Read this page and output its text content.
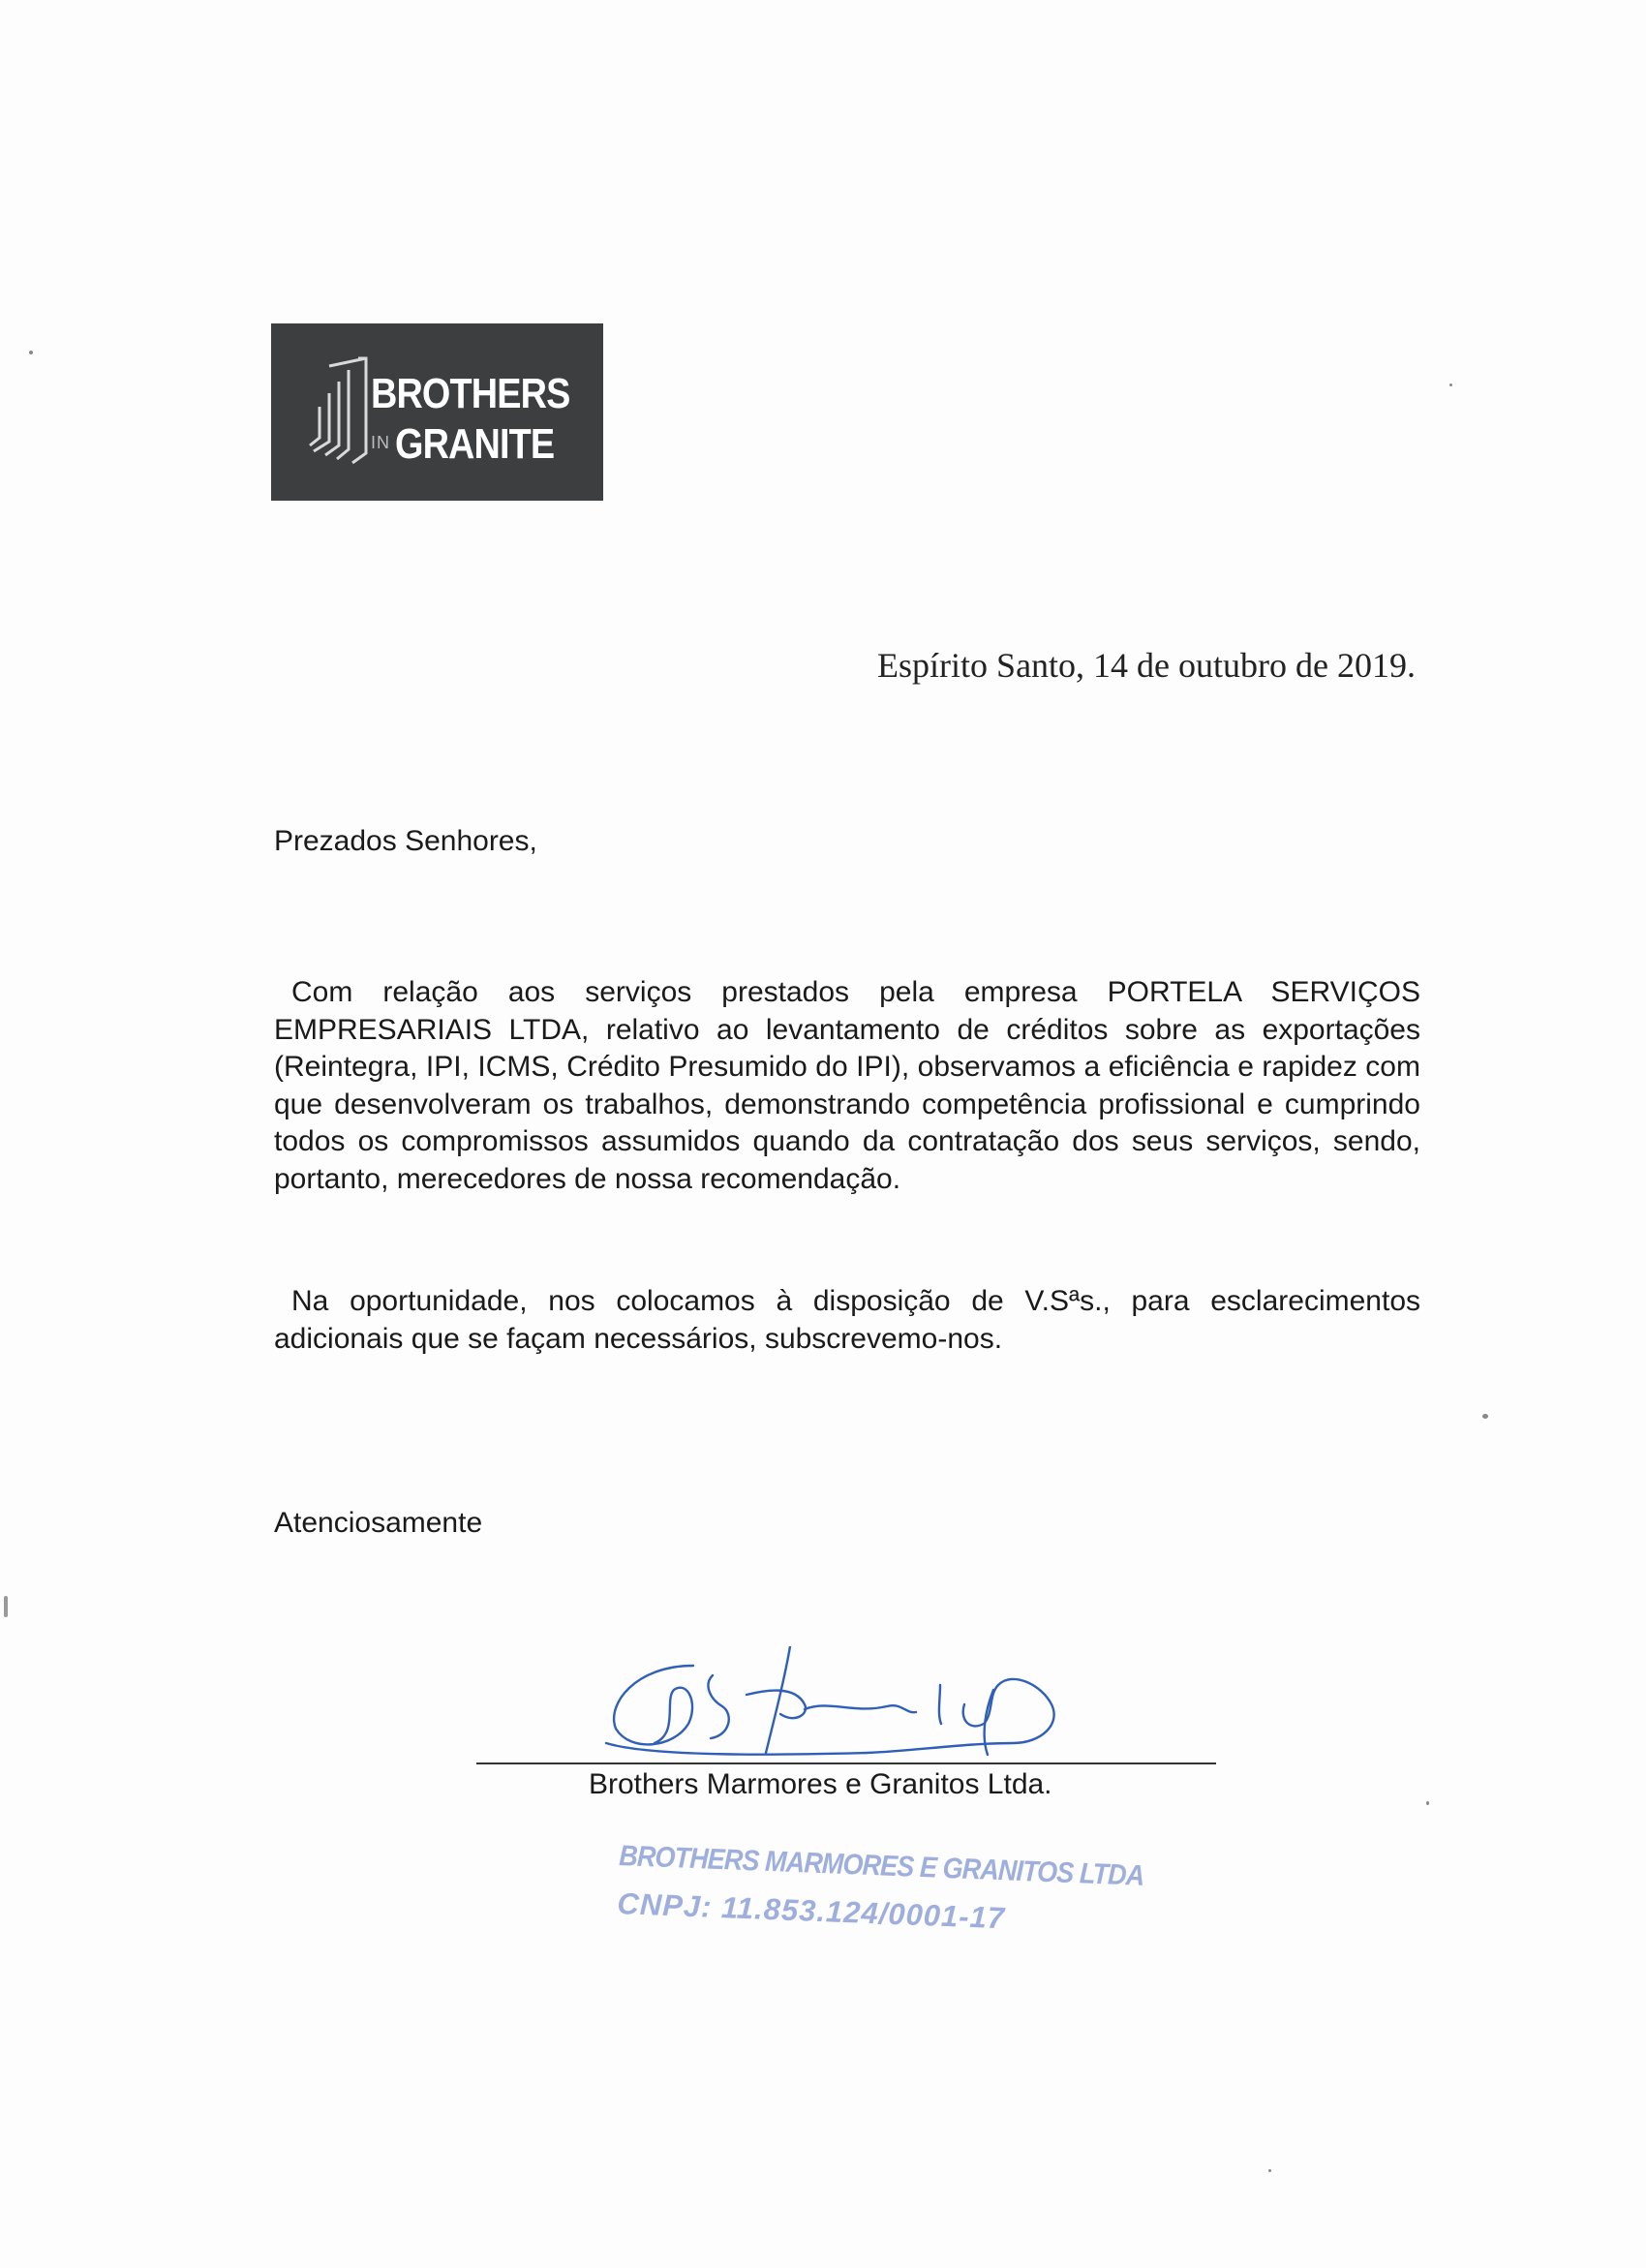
BROTHERS
IN GRANITE
Espírito Santo, 14 de outubro de 2019.
Prezados Senhores,
Com relação aos serviços prestados pela empresa PORTELA SERVIÇOS EMPRESARIAIS LTDA, relativo ao levantamento de créditos sobre as exportações (Reintegra, IPI, ICMS, Crédito Presumido do IPI), observamos a eficiência e rapidez com que desenvolveram os trabalhos, demonstrando competência profissional e cumprindo todos os compromissos assumidos quando da contratação dos seus serviços, sendo, portanto, merecedores de nossa recomendação.
Na oportunidade, nos colocamos à disposição de V.Sªs., para esclarecimentos adicionais que se façam necessários, subscrevemo-nos.
Atenciosamente
Brothers Marmores e Granitos Ltda.
BROTHERS MARMORES E GRANITOS LTDA
CNPJ: 11.853.124/0001-17
